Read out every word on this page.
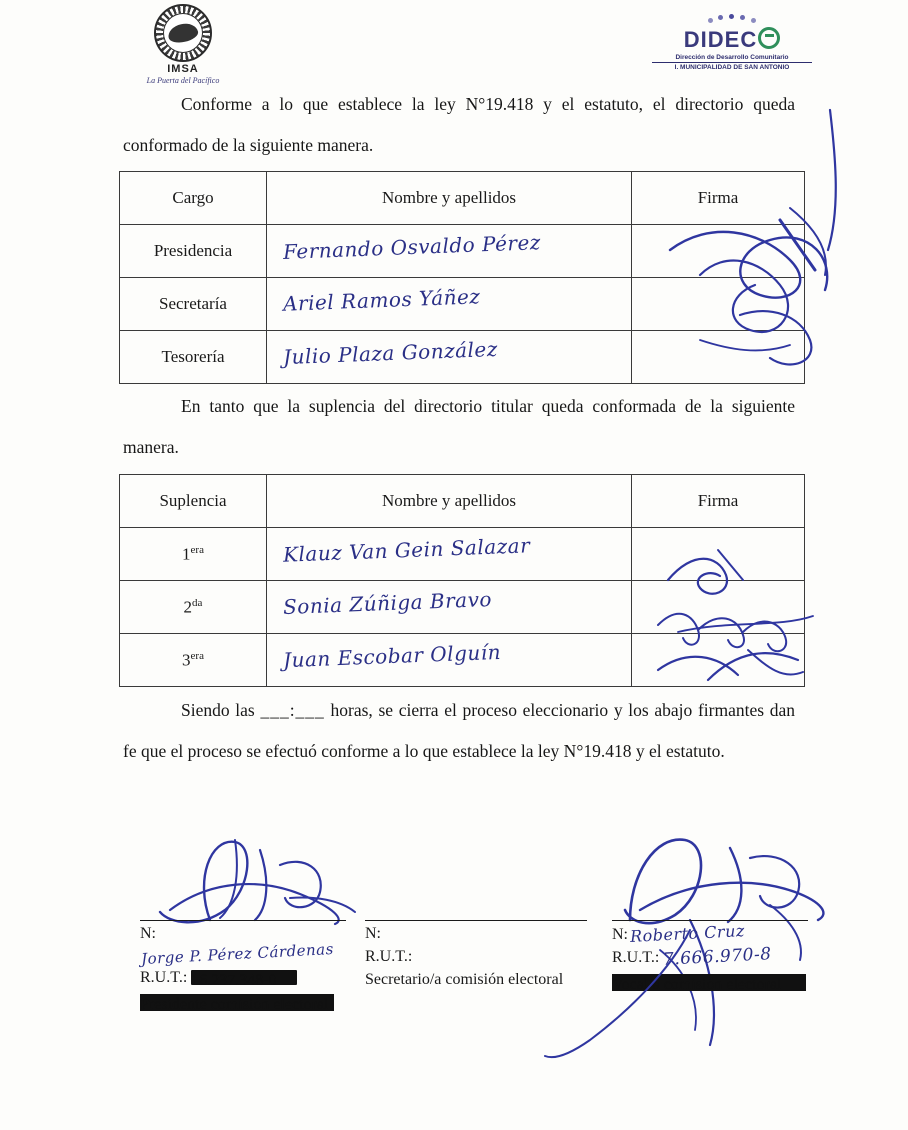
IMSA
La Puerta del Pacífico
DIDEC
Dirección de Desarrollo Comunitario
I. MUNICIPALIDAD DE SAN ANTONIO
Conforme a lo que establece la ley N°19.418 y el estatuto, el directorio queda conformado de la siguiente manera.
Cargo	Nombre y apellidos	Firma
Presidencia	Fernando Osvaldo Pérez	

Secretaría	Ariel Ramos Yáñez	

Tesorería	Julio Plaza González	

En tanto que la suplencia del directorio titular queda conformada de la siguiente manera.
Suplencia	Nombre y apellidos	Firma
$1^{era}$	Klauz Van Gein Salazar	

$2^{da}$	Sonia Zúñiga Bravo	

$3^{era}$	Juan Escobar Olguín	

Siendo las ___:___ horas, se cierra el proceso eleccionario y los abajo firmantes dan fe que el proceso se efectuó conforme a lo que establece la ley N°19.418 y el estatuto.
N:Jorge P. Pérez Cárdenas
R.U.T.: 16.237.348-0
Presidente comisión electoral
N:
R.U.T.:
Secretario/a comisión electoral
N:Roberto Cruz
R.U.T.: 7.666.970-8
Vocal/a comisión electoral
